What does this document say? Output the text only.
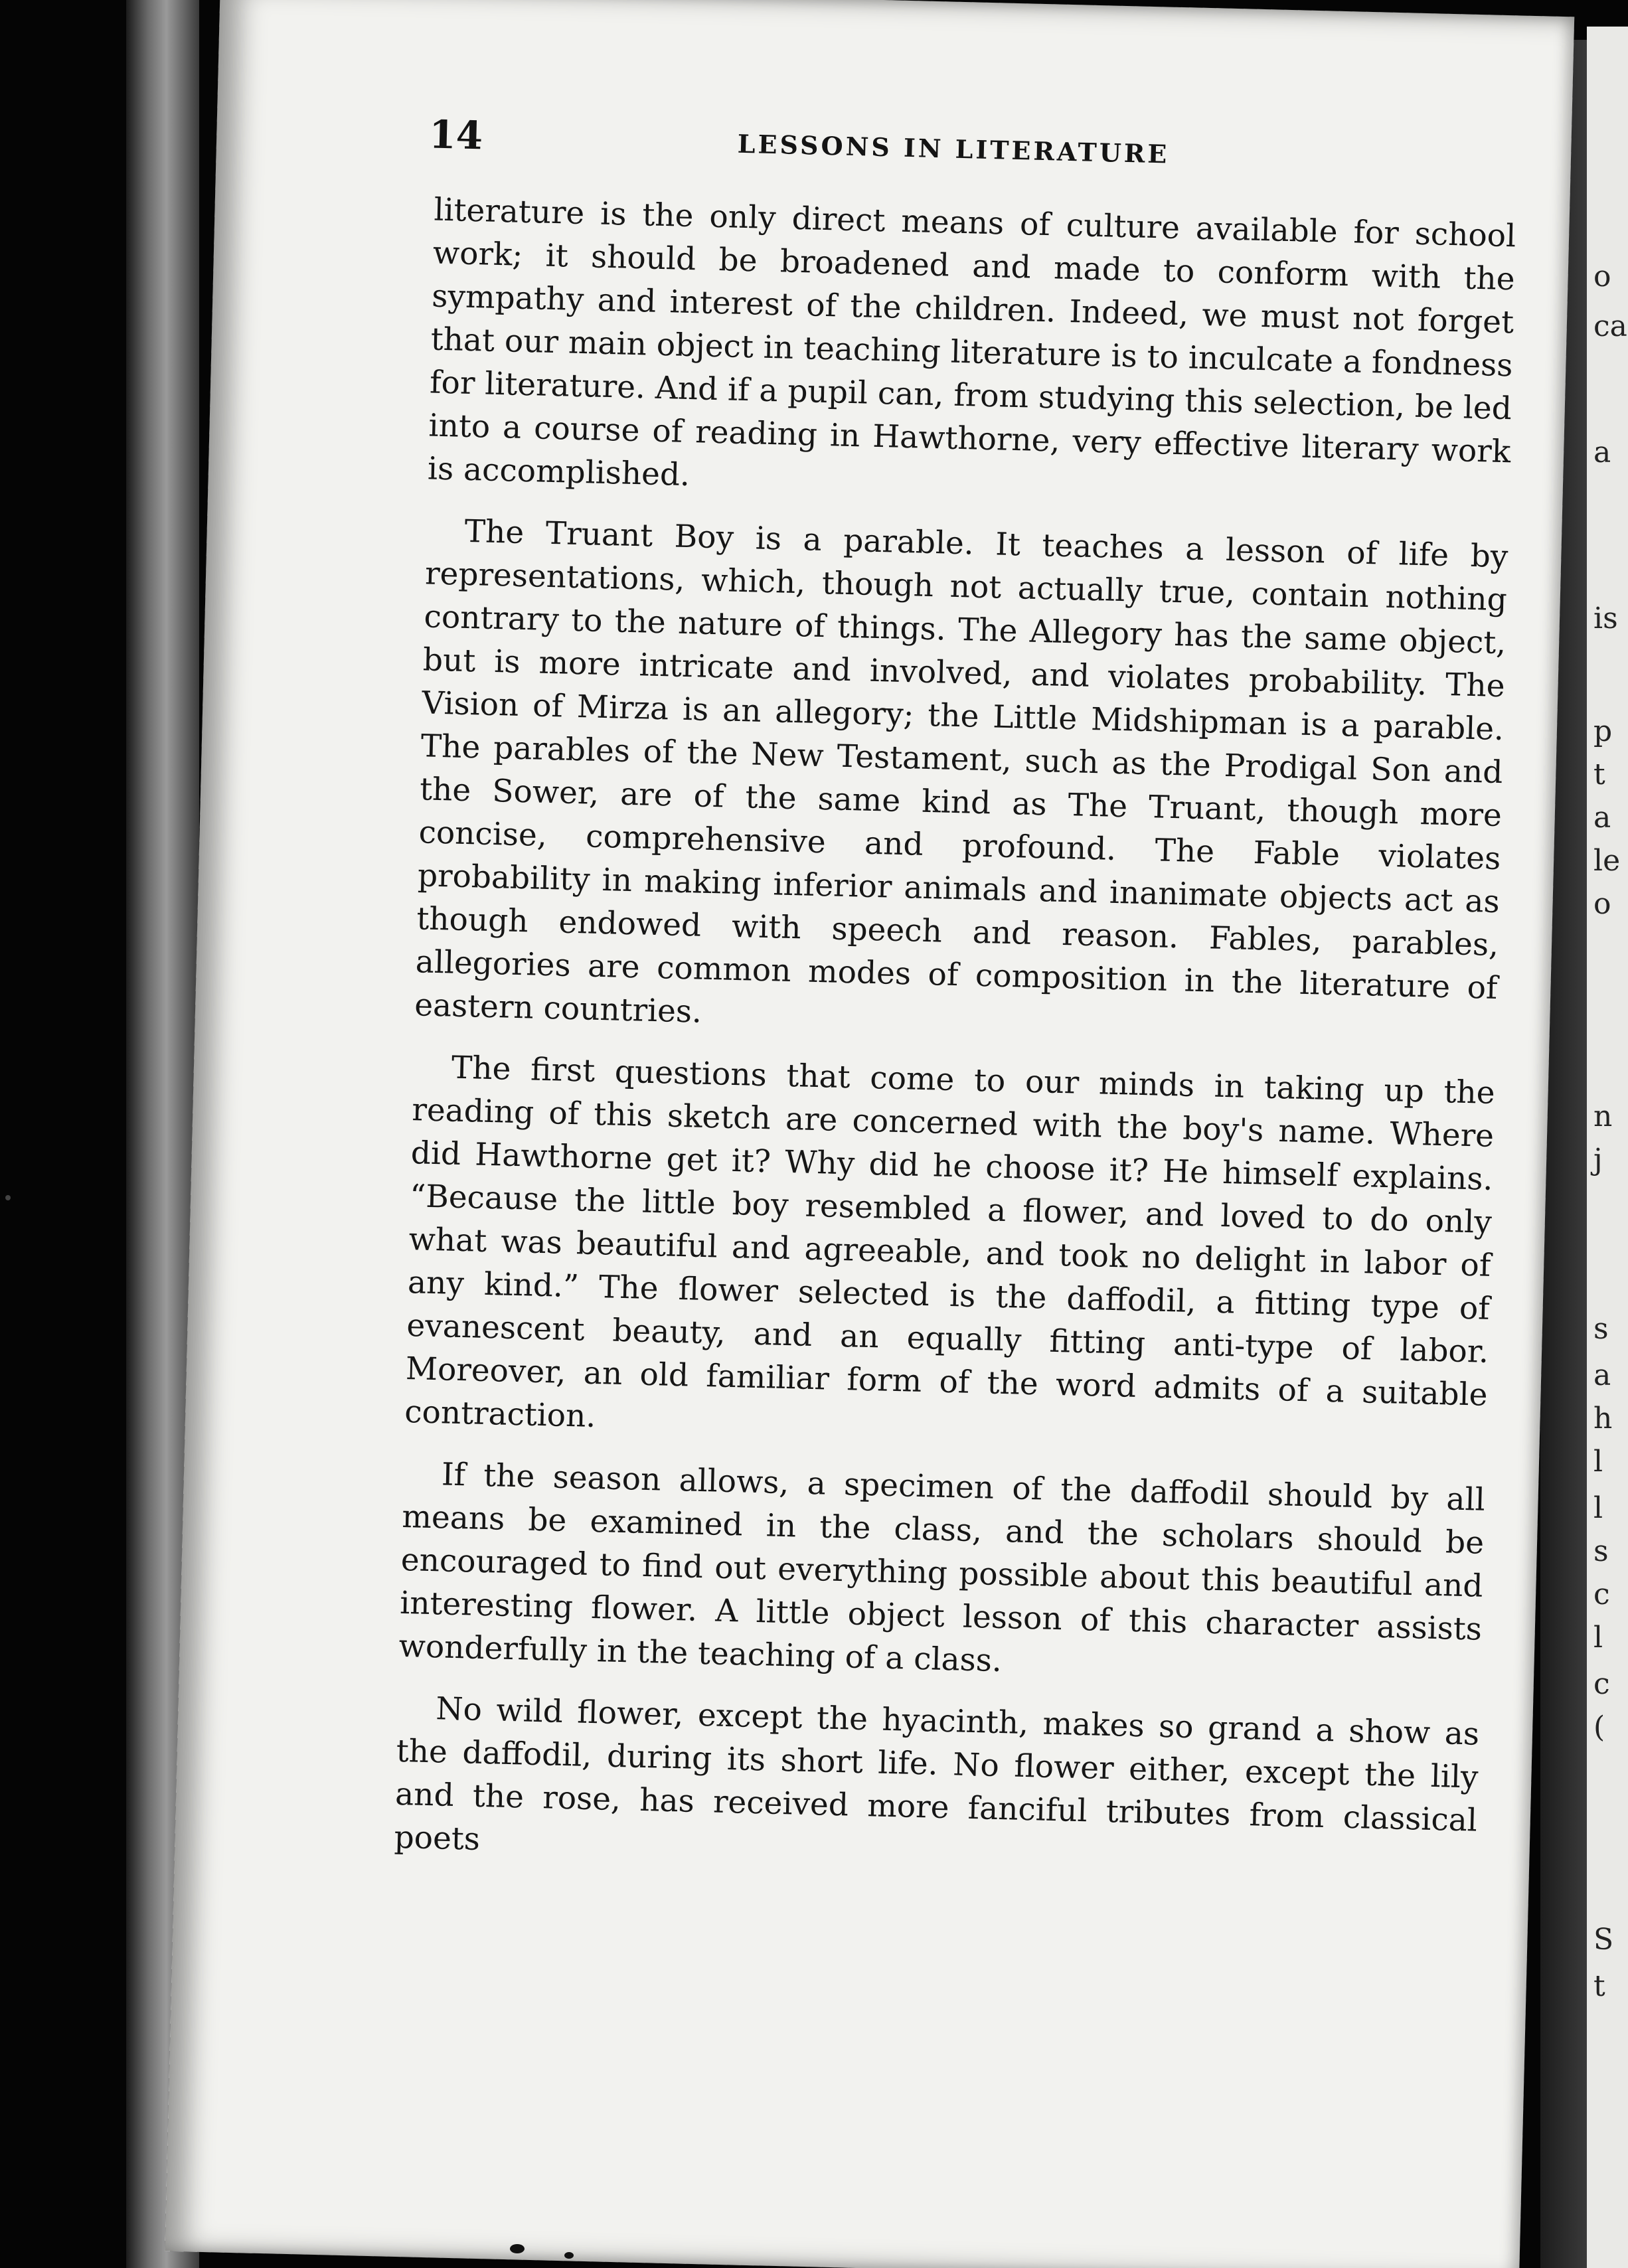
o
ca
a
is
p
t
a
le
o
n
j
s
a
h
l
l
s
c
l
c
(
S
t
14	LESSONS IN LITERATURE

literature is the only direct means of culture available for school work; it should be broadened and made to conform with the sympathy and interest of the children. Indeed, we must not forget that our main object in teaching literature is to inculcate a fondness for literature. And if a pupil can, from studying this selection, be led into a course of reading in Hawthorne, very effective literary work is accomplished.

The Truant Boy is a parable. It teaches a lesson of life by representations, which, though not actually true, contain nothing contrary to the nature of things. The Allegory has the same object, but is more intricate and involved, and violates probability. The Vision of Mirza is an allegory; the Little Midshipman is a parable. The parables of the New Testament, such as the Prodigal Son and the Sower, are of the same kind as The Truant, though more concise, comprehensive and profound. The Fable violates probability in making inferior animals and inanimate objects act as though endowed with speech and reason. Fables, parables, allegories are common modes of composition in the literature of eastern countries.

The first questions that come to our minds in taking up the reading of this sketch are concerned with the boy's name. Where did Hawthorne get it? Why did he choose it? He himself explains. “Because the little boy resembled a flower, and loved to do only what was beautiful and agreeable, and took no delight in labor of any kind.” The flower selected is the daffodil, a fitting type of evanescent beauty, and an equally fitting anti-type of labor. Moreover, an old familiar form of the word admits of a suitable contraction.

If the season allows, a specimen of the daffodil should by all means be examined in the class, and the scholars should be encouraged to find out everything possible about this beautiful and interesting flower. A little object lesson of this character assists wonderfully in the teaching of a class.

No wild flower, except the hyacinth, makes so grand a show as the daffodil, during its short life. No flower either, except the lily and the rose, has received more fanciful tributes from classical poets
